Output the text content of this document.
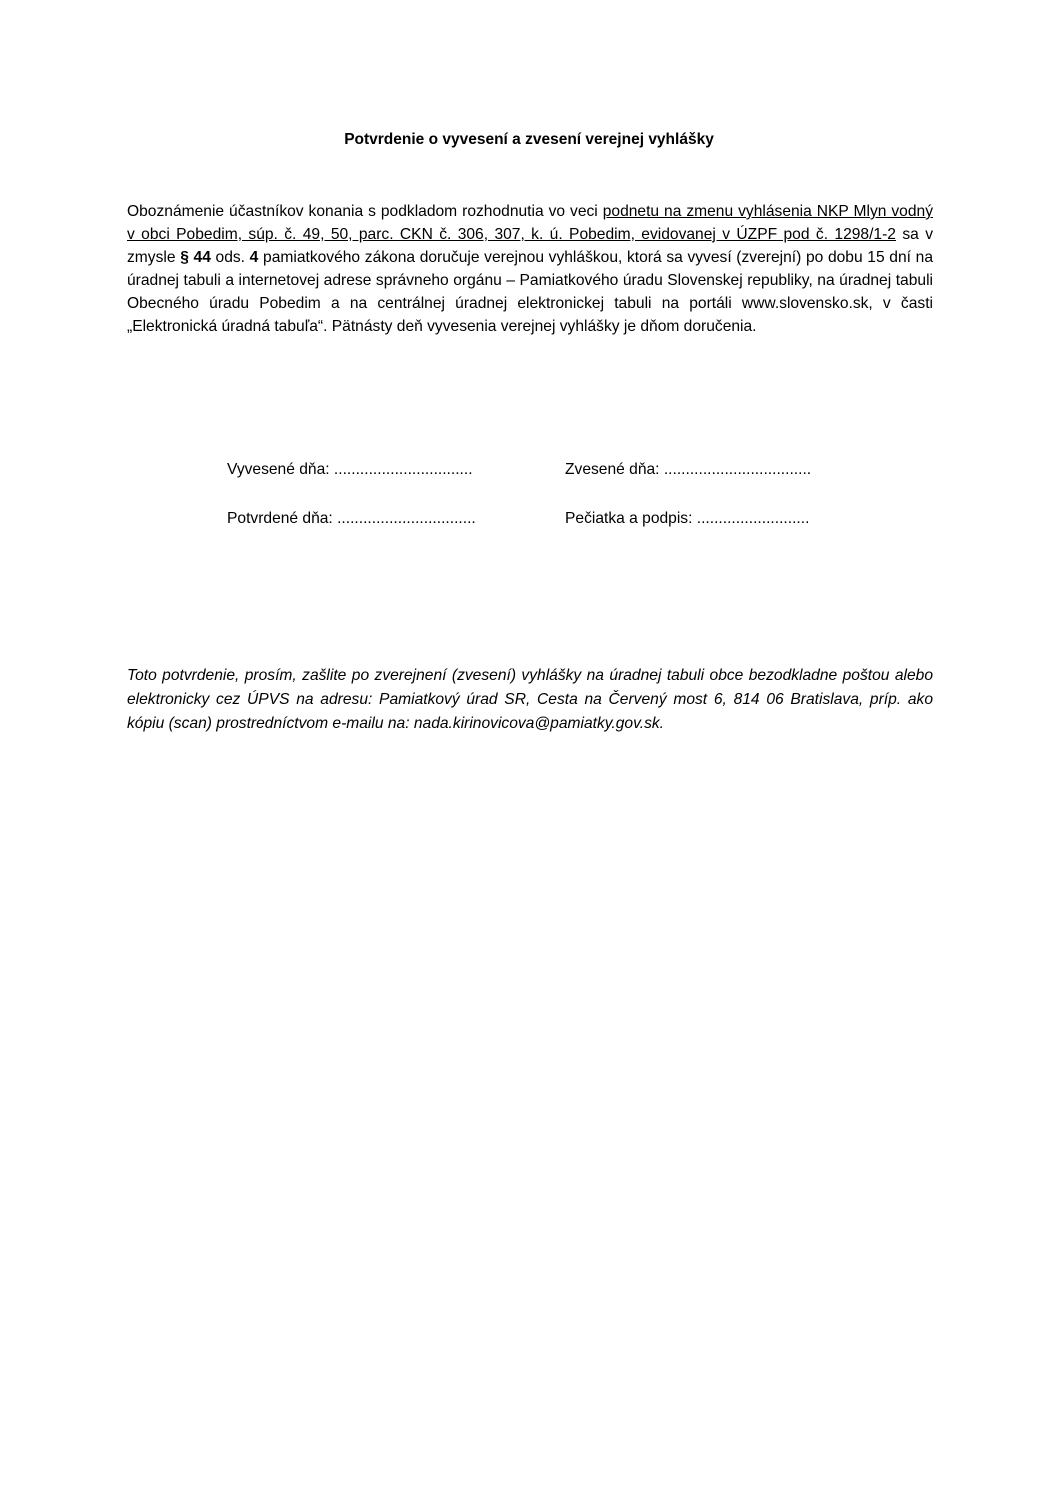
Potvrdenie o vyvesení a zvesení verejnej vyhlášky
Oboznámenie účastníkov konania s podkladom rozhodnutia vo veci podnetu na zmenu vyhlásenia NKP Mlyn vodný v obci Pobedim, súp. č. 49, 50, parc. CKN č. 306, 307, k. ú. Pobedim, evidovanej v ÚZPF pod č. 1298/1-2 sa v zmysle § 44 ods. 4 pamiatkového zákona doručuje verejnou vyhláškou, ktorá sa vyvesí (zverejní) po dobu 15 dní na úradnej tabuli a internetovej adrese správneho orgánu – Pamiatkového úradu Slovenskej republiky, na úradnej tabuli Obecného úradu Pobedim a na centrálnej úradnej elektronickej tabuli na portáli www.slovensko.sk, v časti „Elektronická úradná tabuľa“. Pätnásty deň vyvesenia verejnej vyhlášky je dňom doručenia.
Vyvesené dňa: ................................	Zvesené dňa: ..................................
Potvrdené dňa: ................................	Pečiatka a podpis: ..........................
Toto potvrdenie, prosím, zašlite po zverejnení (zvesení) vyhlášky na úradnej tabuli obce bezodkladne poštou alebo elektronicky cez ÚPVS na adresu: Pamiatkový úrad SR, Cesta na Červený most 6, 814 06 Bratislava, príp. ako kópiu (scan) prostredníctvom e-mailu na: nada.kirinovicova@pamiatky.gov.sk.
